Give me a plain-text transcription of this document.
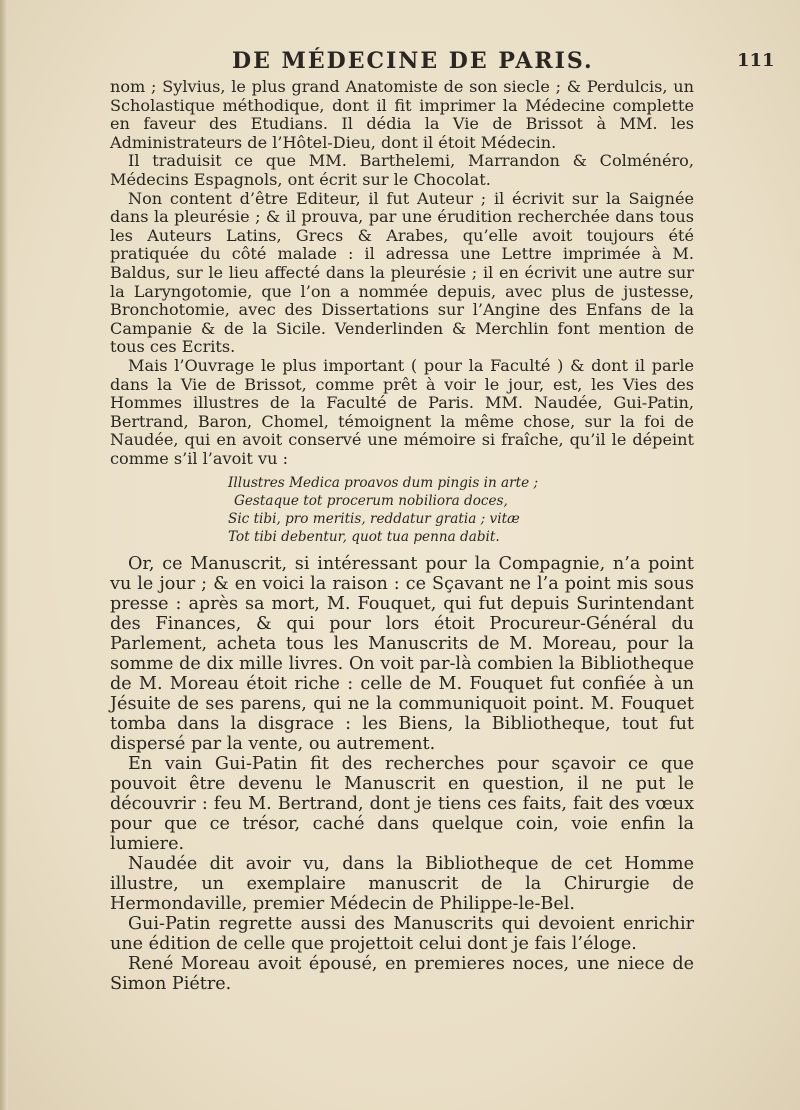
DE MÉDECINE DE PARIS.	111

nom ; Sylvius, le plus grand Anatomiste de son siecle ; & Perdulcis, un Scholastique méthodique, dont il fit imprimer la Médecine complette en faveur des Etudians. Il dédia la Vie de Brissot à MM. les Administrateurs de l’Hôtel-Dieu, dont il étoit Médecin.

Il traduisit ce que MM. Barthelemi, Marrandon & Colménéro, Médecins Espagnols, ont écrit sur le Chocolat.

Non content d’être Editeur, il fut Auteur ; il écrivit sur la Saignée dans la pleurésie ; & il prouva, par une érudition recherchée dans tous les Auteurs Latins, Grecs & Arabes, qu’elle avoit toujours été pratiquée du côté malade : il adressa une Lettre imprimée à M. Baldus, sur le lieu affecté dans la pleurésie ; il en écrivit une autre sur la Laryngotomie, que l’on a nommée depuis, avec plus de justesse, Bronchotomie, avec des Dissertations sur l’Angine des Enfans de la Campanie & de la Sicile. Venderlinden & Merchlin font mention de tous ces Ecrits.

Mais l’Ouvrage le plus important ( pour la Faculté ) & dont il parle dans la Vie de Brissot, comme prêt à voir le jour, est, les Vies des Hommes illustres de la Faculté de Paris. MM. Naudée, Gui-Patin, Bertrand, Baron, Chomel, témoignent la même chose, sur la foi de Naudée, qui en avoit conservé une mémoire si fraîche, qu’il le dépeint comme s’il l’avoit vu :

Illustres Medica proavos dum pingis in arte ;
Gestaque tot procerum nobiliora doces,
Sic tibi, pro meritis, reddatur gratia ; vitæ
Tot tibi debentur, quot tua penna dabit.

Or, ce Manuscrit, si intéressant pour la Compagnie, n’a point vu le jour ; & en voici la raison : ce Sçavant ne l’a point mis sous presse : après sa mort, M. Fouquet, qui fut depuis Surintendant des Finances, & qui pour lors étoit Procureur-Général du Parlement, acheta tous les Manuscrits de M. Moreau, pour la somme de dix mille livres. On voit par-là combien la Bibliotheque de M. Moreau étoit riche : celle de M. Fouquet fut confiée à un Jésuite de ses parens, qui ne la communiquoit point. M. Fouquet tomba dans la disgrace : les Biens, la Bibliotheque, tout fut dispersé par la vente, ou autrement.

En vain Gui-Patin fit des recherches pour sçavoir ce que pouvoit être devenu le Manuscrit en question, il ne put le découvrir : feu M. Bertrand, dont je tiens ces faits, fait des vœux pour que ce trésor, caché dans quelque coin, voie enfin la lumiere.

Naudée dit avoir vu, dans la Bibliotheque de cet Homme illustre, un exemplaire manuscrit de la Chirurgie de Hermondaville, premier Médecin de Philippe-le-Bel.

Gui-Patin regrette aussi des Manuscrits qui devoient enrichir une édition de celle que projettoit celui dont je fais l’éloge.

René Moreau avoit épousé, en premieres noces, une niece de Simon Piétre.
